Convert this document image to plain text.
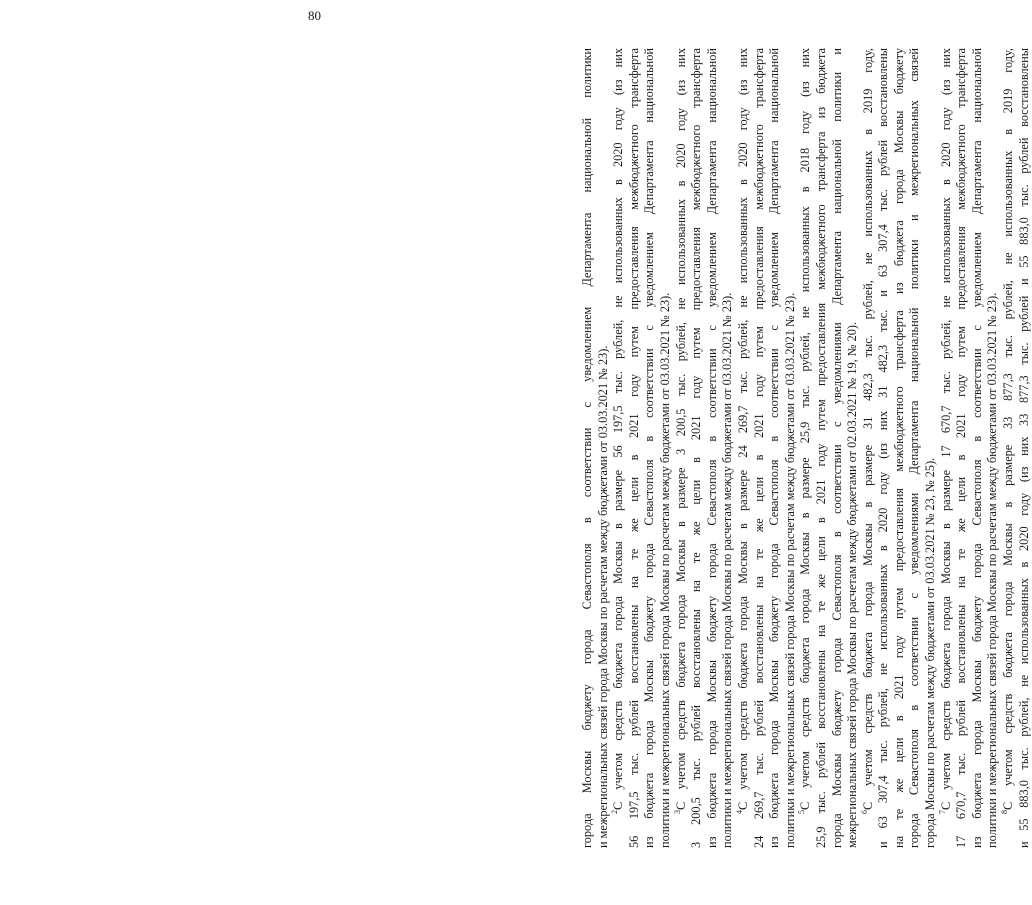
80
города Москвы бюджету города Севастополя в соответствии с уведомлением Департамента национальной политики и межрегиональных связей города Москвы по расчетам между бюджетами от 03.03.2021 № 23). $^2$С учетом средств бюджета города Москвы в размере 56 197,5 тыс. рублей, не использованных в 2020 году (из них 56 197,5 тыс. рублей восстановлены на те же цели в 2021 году путем предоставления межбюджетного трансферта из бюджета города Москвы бюджету города Севастополя в соответствии с уведомлением Департамента национальной политики и межрегиональных связей города Москвы по расчетам между бюджетами от 03.03.2021 № 23). $^3$С учетом средств бюджета города Москвы в размере 3 200,5 тыс. рублей, не использованных в 2020 году (из них 3 200,5 тыс. рублей восстановлены на те же цели в 2021 году путем предоставления межбюджетного трансферта из бюджета города Москвы бюджету города Севастополя в соответствии с уведомлением Департамента национальной политики и межрегиональных связей города Москвы по расчетам между бюджетами от 03.03.2021 № 23). $^4$С учетом средств бюджета города Москвы в размере 24 269,7 тыс. рублей, не использованных в 2020 году (из них 24 269,7 тыс. рублей восстановлены на те же цели в 2021 году путем предоставления межбюджетного трансферта из бюджета города Москвы бюджету города Севастополя в соответствии с уведомлением Департамента национальной политики и межрегиональных связей города Москвы по расчетам между бюджетами от 03.03.2021 № 23). $^5$С учетом средств бюджета города Москвы в размере 25,9 тыс. рублей, не использованных в 2018 году (из них 25,9 тыс. рублей восстановлены на те же цели в 2021 году путем предоставления межбюджетного трансферта из бюджета города Москвы бюджету города Севастополя в соответствии с уведомлениями Департамента национальной политики и межрегиональных связей города Москвы по расчетам между бюджетами от 02.03.2021 № 19, № 20). $^6$С учетом средств бюджета города Москвы в размере 31 482,3 тыс. рублей, не использованных в 2019 году, и 63 307,4 тыс. рублей, не использованных в 2020 году (из них 31 482,3 тыс. и 63 307,4 тыс. рублей восстановлены на те же цели в 2021 году путем предоставления межбюджетного трансферта из бюджета города Москвы бюджету города Севастополя в соответствии с уведомлениями Департамента национальной политики и межрегиональных связей города Москвы по расчетам между бюджетами от 03.03.2021 № 23, № 25). $^7$С учетом средств бюджета города Москвы в размере 17 670,7 тыс. рублей, не использованных в 2020 году (из них 17 670,7 тыс. рублей восстановлены на те же цели в 2021 году путем предоставления межбюджетного трансферта из бюджета города Москвы бюджету города Севастополя в соответствии с уведомлением Департамента национальной политики и межрегиональных связей города Москвы по расчетам между бюджетами от 03.03.2021 № 23). $^8$С учетом средств бюджета города Москвы в размере 33 877,3 тыс. рублей, не использованных в 2019 году, и 55 883,0 тыс. рублей, не использованных в 2020 году (из них 33 877,3 тыс. рублей и 55 883,0 тыс. рублей восстановлены
